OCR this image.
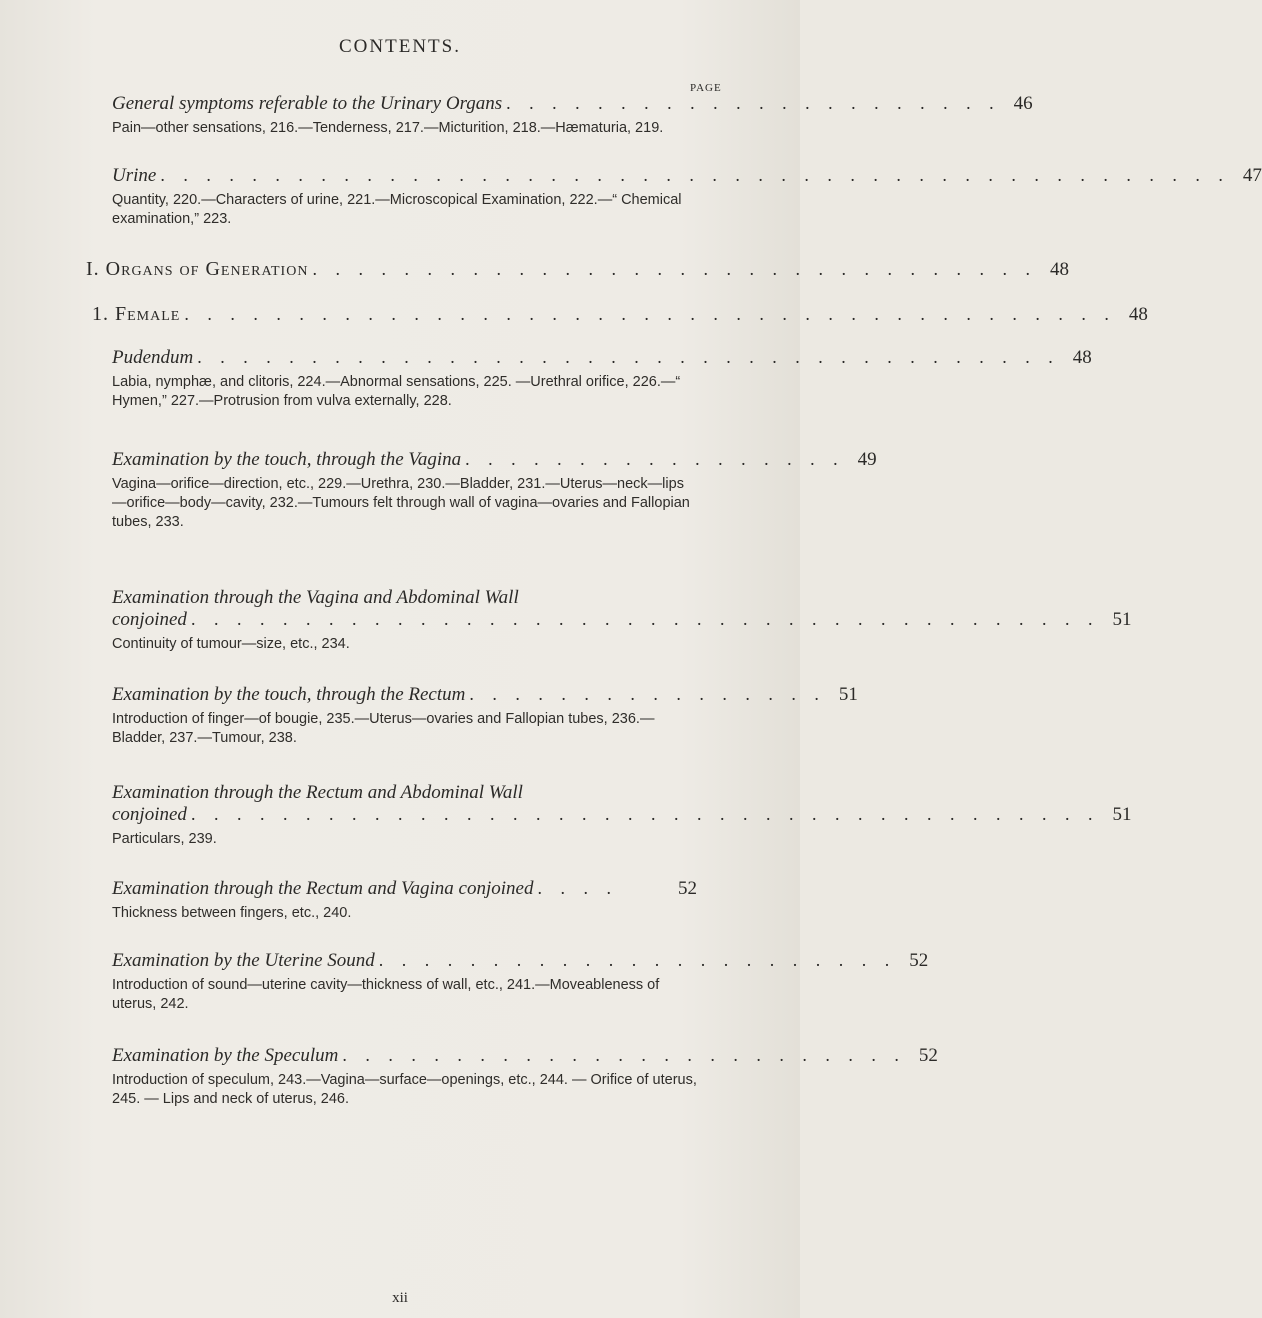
CONTENTS.
PAGE
General symptoms referable to the Urinary Organs . . . . . . . . . . . . . . . . . . . . . . 46
Pain—other sensations, 216.—Tenderness, 217.—Micturition, 218.—Hæmaturia, 219.
Urine . . . . . . . . . . . . . . . . . . . . . . . . . . . . . . . . . . . . . . . . . . . . . . . 47
Quantity, 220.—Characters of urine, 221.—Microscopical Examination, 222.—“ Chemical examination,” 223.
I. Organs of Generation . . . . . . . . . . . . . . . . . . . . . . . . . . . . . . . . 48
1. Female . . . . . . . . . . . . . . . . . . . . . . . . . . . . . . . . . . . . . . . . . 48
Pudendum . . . . . . . . . . . . . . . . . . . . . . . . . . . . . . . . . . . . . . 48
Labia, nymphæ, and clitoris, 224.—Abnormal sensations, 225. —Urethral orifice, 226.—“ Hymen,” 227.—Protrusion from vulva externally, 228.
Examination by the touch, through the Vagina . . . . . . . . . . . . . . . . . 49
Vagina—orifice—direction, etc., 229.—Urethra, 230.—Bladder, 231.—Uterus—neck—lips—orifice—body—cavity, 232.—Tumours felt through wall of vagina—ovaries and Fallopian tubes, 233.
Examination through the Vagina and Abdominal Wall
conjoined . . . . . . . . . . . . . . . . . . . . . . . . . . . . . . . . . . . . . . . . 51
Continuity of tumour—size, etc., 234.
Examination by the touch, through the Rectum . . . . . . . . . . . . . . . . 51
Introduction of finger—of bougie, 235.—Uterus—ovaries and Fallopian tubes, 236.—Bladder, 237.—Tumour, 238.
Examination through the Rectum and Abdominal Wall
conjoined . . . . . . . . . . . . . . . . . . . . . . . . . . . . . . . . . . . . . . . . 51
Particulars, 239.
Examination through the Rectum and Vagina conjoined . . . .	52
Thickness between fingers, etc., 240.
Examination by the Uterine Sound . . . . . . . . . . . . . . . . . . . . . . . 52
Introduction of sound—uterine cavity—thickness of wall, etc., 241.—Moveableness of uterus, 242.
Examination by the Speculum . . . . . . . . . . . . . . . . . . . . . . . . . 52
Introduction of speculum, 243.—Vagina—surface—openings, etc., 244. — Orifice of uterus, 245. — Lips and neck of uterus, 246.
xii
